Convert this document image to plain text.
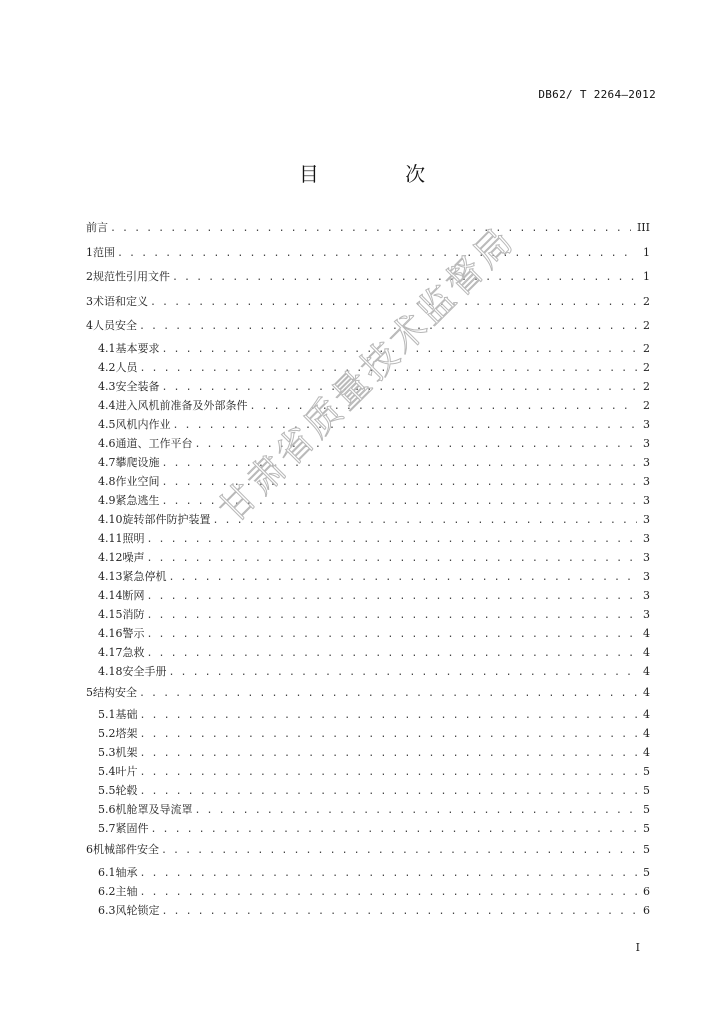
DB62/ T 2264—2012
目 次
前言 . . .	III
1 范围 . . .	1
2 规范性引用文件 . . .	1
3 术语和定义 . . .	2
4 人员安全 . . .	2
4.1 基本要求 . . .	2
4.2 人员 . . .	2
4.3 安全装备 . . .	2
4.4 进入风机前准备及外部条件 . . .	2
4.5 风机内作业 . . .	3
4.6 通道、工作平台 . . .	3
4.7 攀爬设施 . . .	3
4.8 作业空间 . . .	3
4.9 紧急逃生 . . .	3
4.10 旋转部件防护装置 . . .	3
4.11 照明 . . .	3
4.12 噪声 . . .	3
4.13 紧急停机 . . .	3
4.14 断网 . . .	3
4.15 消防 . . .	3
4.16 警示 . . .	4
4.17 急救 . . .	4
4.18 安全手册 . . .	4
5 结构安全 . . .	4
5.1 基础 . . .	4
5.2 塔架 . . .	4
5.3 机架 . . .	4
5.4 叶片 . . .	5
5.5 轮毂 . . .	5
5.6 机舱罩及导流罩 . . .	5
5.7 紧固件 . . .	5
6 机械部件安全 . . .	5
6.1 轴承 . . .	5
6.2 主轴 . . .	6
6.3 风轮锁定 . . .	6
I
甘肃省质量技术监督局
